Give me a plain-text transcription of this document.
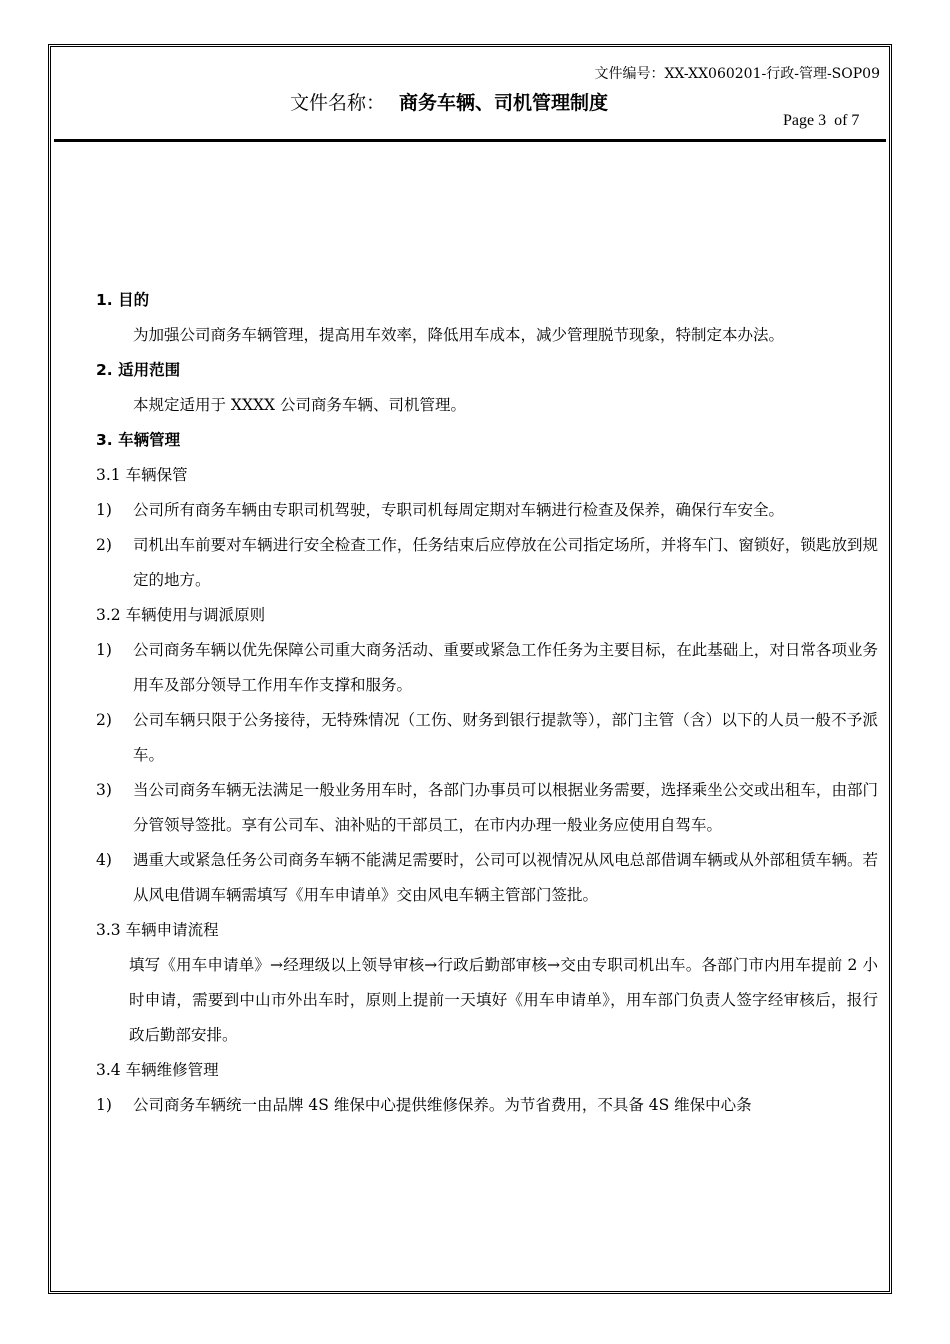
文件编号：XX-XX060201-行政-管理-SOP09
文件名称： 商务车辆、司机管理制度
Page 3  of 7
1. 目的
为加强公司商务车辆管理，提高用车效率，降低用车成本，减少管理脱节现象，特制定本办法。
2. 适用范围
本规定适用于 XXXX 公司商务车辆、司机管理。
3. 车辆管理
3.1 车辆保管
1) 公司所有商务车辆由专职司机驾驶，专职司机每周定期对车辆进行检查及保养，确保行车安全。
2) 司机出车前要对车辆进行安全检查工作，任务结束后应停放在公司指定场所，并将车门、窗锁好，锁匙放到规定的地方。
3.2 车辆使用与调派原则
1) 公司商务车辆以优先保障公司重大商务活动、重要或紧急工作任务为主要目标，在此基础上，对日常各项业务用车及部分领导工作用车作支撑和服务。
2) 公司车辆只限于公务接待，无特殊情况（工伤、财务到银行提款等），部门主管（含）以下的人员一般不予派车。
3) 当公司商务车辆无法满足一般业务用车时，各部门办事员可以根据业务需要，选择乘坐公交或出租车，由部门分管领导签批。享有公司车、油补贴的干部员工，在市内办理一般业务应使用自驾车。
4) 遇重大或紧急任务公司商务车辆不能满足需要时，公司可以视情况从风电总部借调车辆或从外部租赁车辆。若从风电借调车辆需填写《用车申请单》交由风电车辆主管部门签批。
3.3 车辆申请流程
填写《用车申请单》→经理级以上领导审核→行政后勤部审核→交由专职司机出车。各部门市内用车提前 2 小时申请，需要到中山市外出车时，原则上提前一天填好《用车申请单》，用车部门负责人签字经审核后，报行政后勤部安排。
3.4 车辆维修管理
1) 公司商务车辆统一由品牌 4S 维保中心提供维修保养。为节省费用，不具备 4S 维保中心条
